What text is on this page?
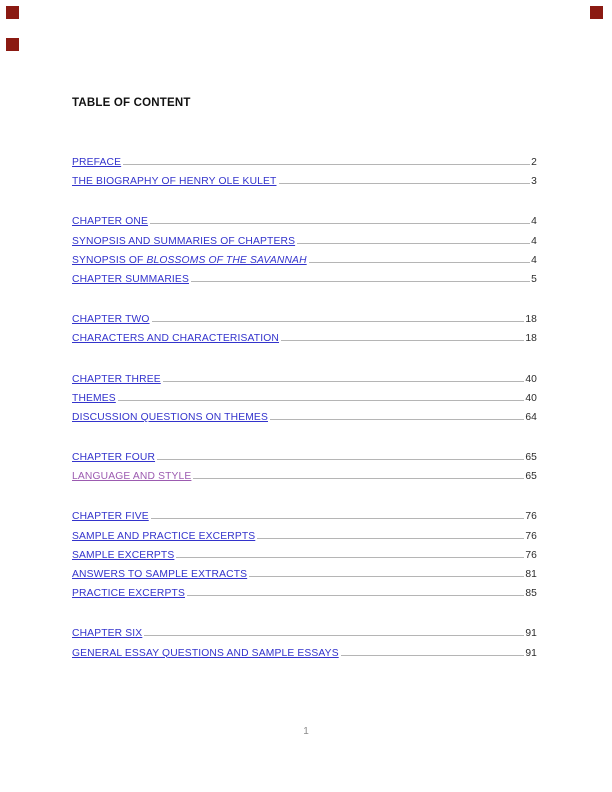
TABLE OF CONTENT
PREFACE	2
THE BIOGRAPHY OF HENRY OLE KULET	3
CHAPTER ONE	4
SYNOPSIS AND SUMMARIES OF CHAPTERS	4
SYNOPSIS OF BLOSSOMS OF THE SAVANNAH	4
CHAPTER SUMMARIES	5
CHAPTER TWO	18
CHARACTERS AND CHARACTERISATION	18
CHAPTER THREE	40
THEMES	40
DISCUSSION QUESTIONS ON THEMES	64
CHAPTER FOUR	65
LANGUAGE AND STYLE	65
CHAPTER FIVE	76
SAMPLE AND PRACTICE EXCERPTS	76
SAMPLE EXCERPTS	76
ANSWERS TO SAMPLE EXTRACTS	81
PRACTICE EXCERPTS	85
CHAPTER SIX	91
GENERAL ESSAY QUESTIONS AND SAMPLE ESSAYS	91
1
